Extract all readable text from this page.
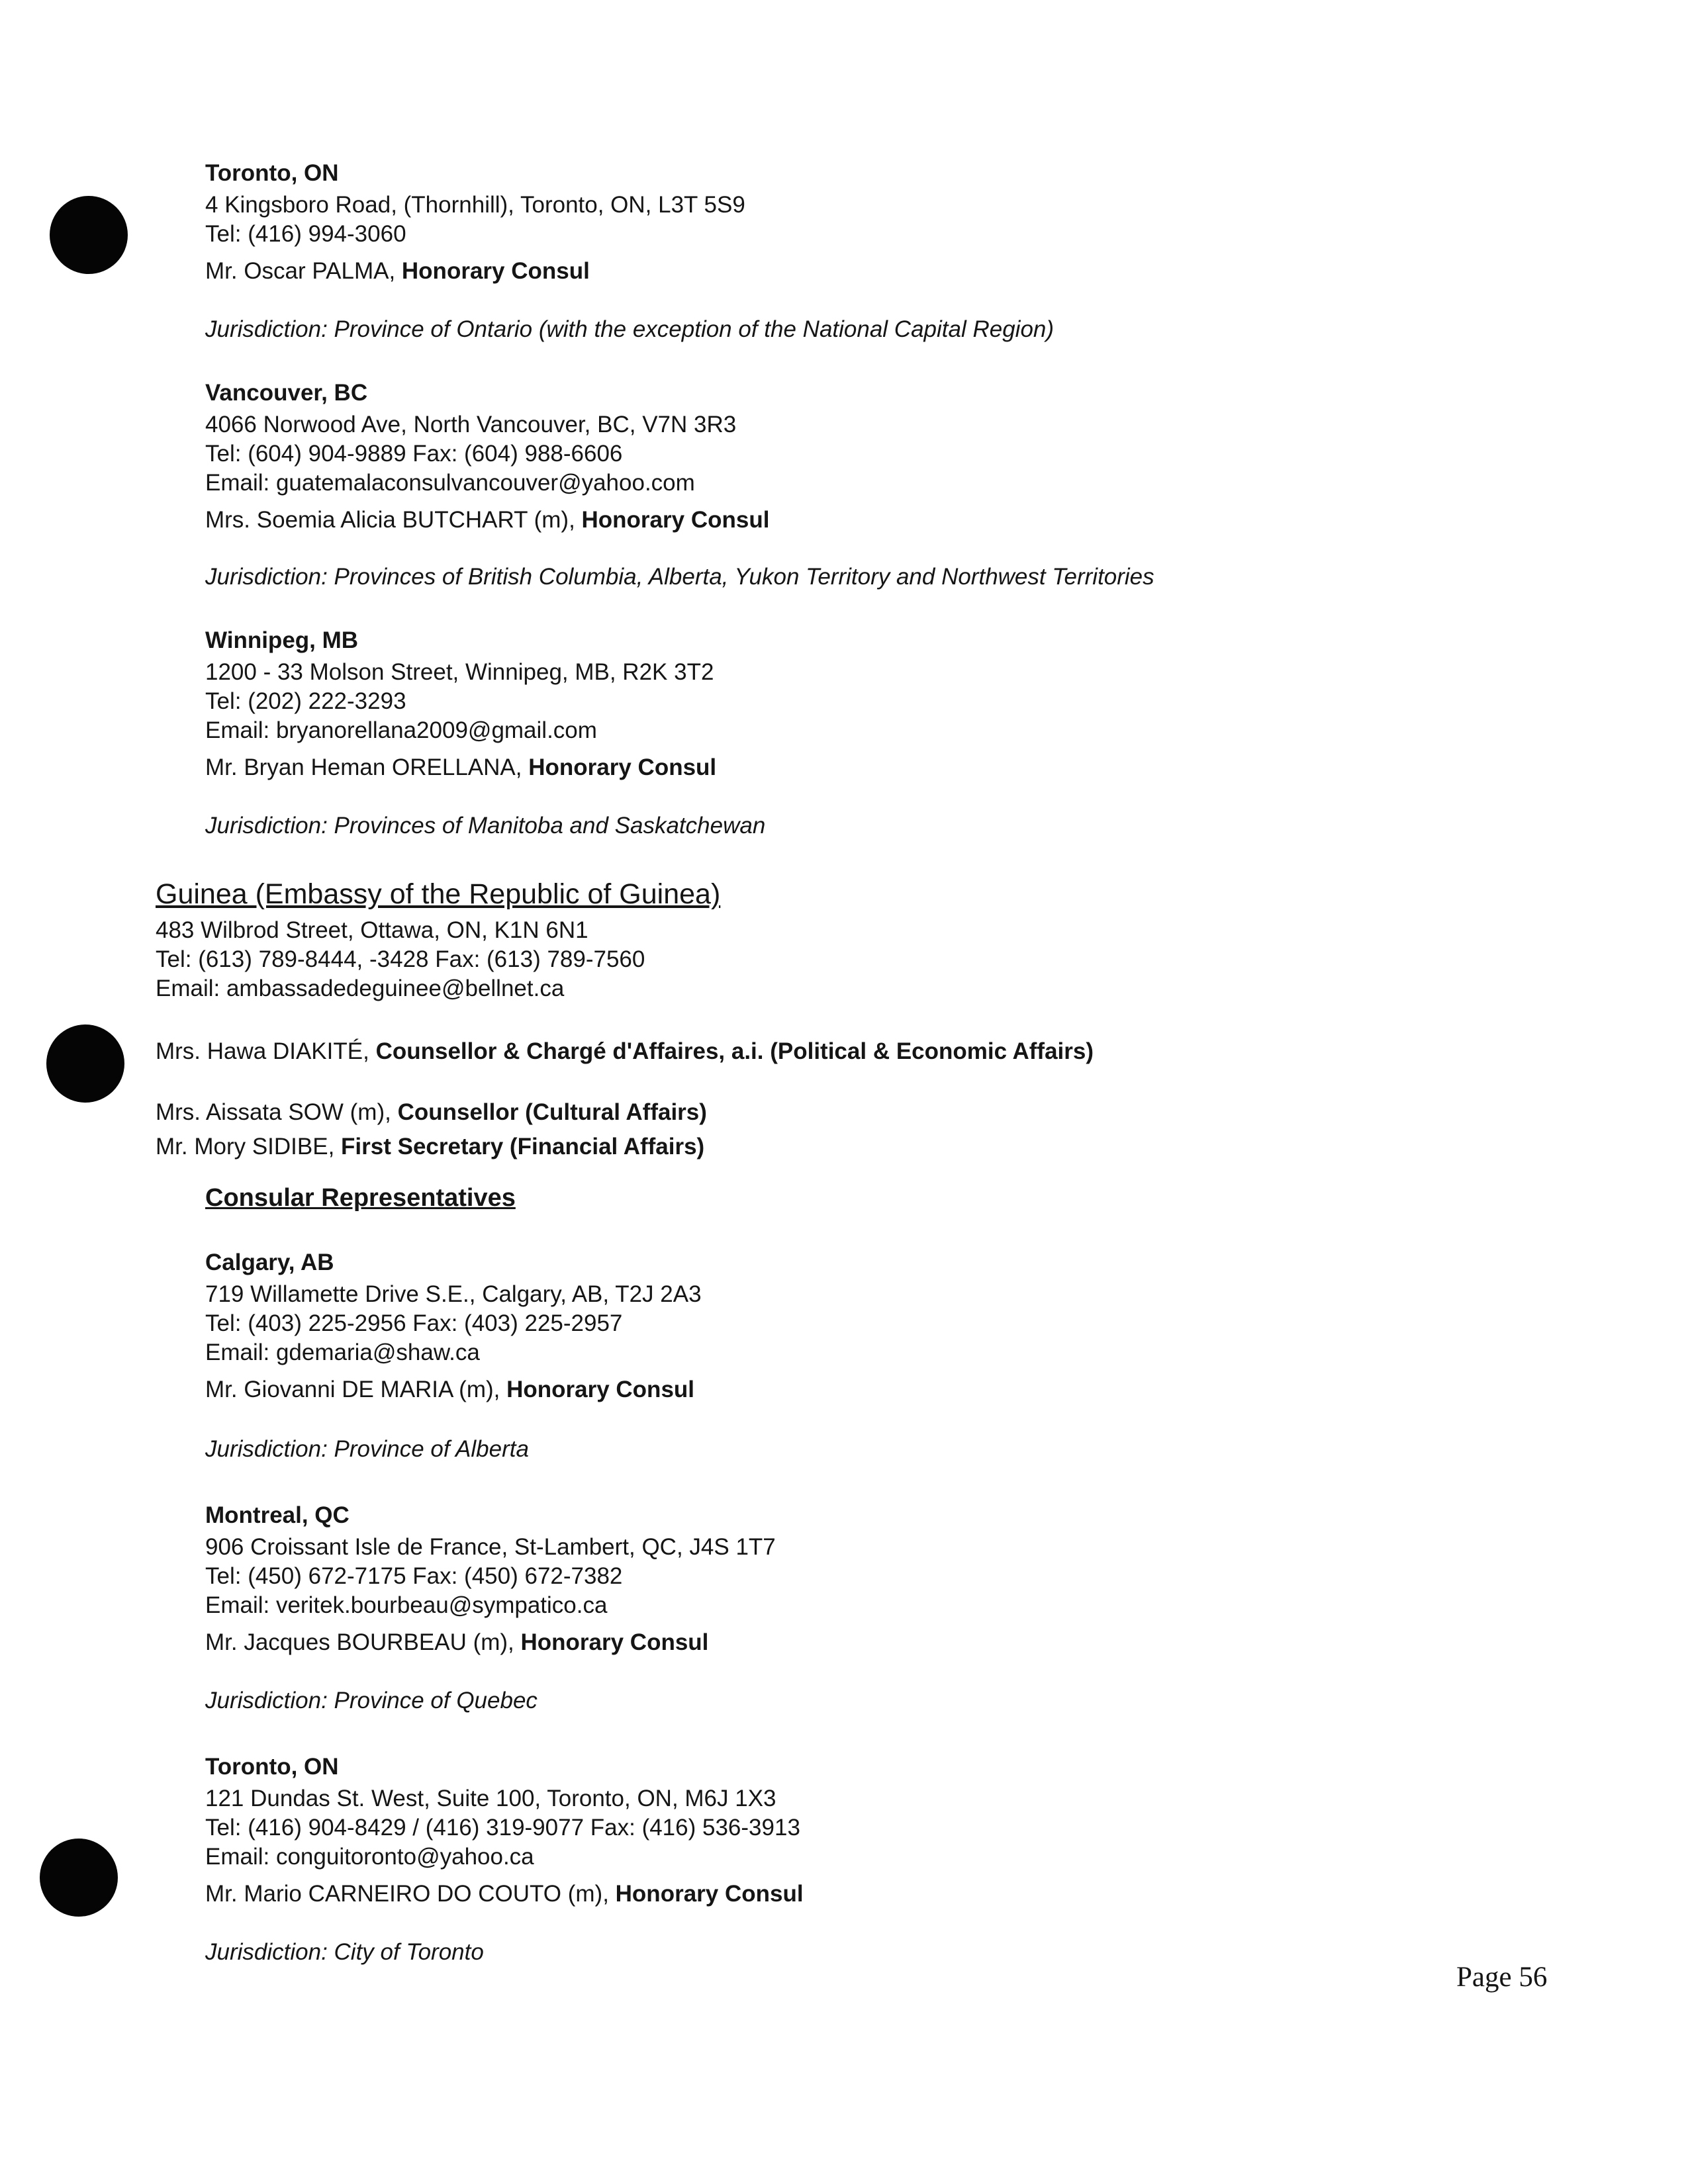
Toronto, ON
4 Kingsboro Road, (Thornhill), Toronto, ON, L3T 5S9
Tel: (416) 994-3060
Mr. Oscar PALMA, Honorary Consul
Jurisdiction: Province of Ontario (with the exception of the National Capital Region)
Vancouver, BC
4066 Norwood Ave, North Vancouver, BC, V7N 3R3
Tel: (604) 904-9889 Fax: (604) 988-6606
Email: guatemalaconsulvancouver@yahoo.com
Mrs. Soemia Alicia BUTCHART (m), Honorary Consul
Jurisdiction: Provinces of British Columbia, Alberta, Yukon Territory and Northwest Territories
Winnipeg, MB
1200 - 33 Molson Street, Winnipeg, MB, R2K 3T2
Tel: (202) 222-3293
Email: bryanorellana2009@gmail.com
Mr. Bryan Heman ORELLANA, Honorary Consul
Jurisdiction: Provinces of Manitoba and Saskatchewan
Guinea (Embassy of the Republic of Guinea)
483 Wilbrod Street, Ottawa, ON, K1N 6N1
Tel: (613) 789-8444, -3428 Fax: (613) 789-7560
Email: ambassadedeguinee@bellnet.ca
Mrs. Hawa DIAKITÉ, Counsellor & Chargé d'Affaires, a.i. (Political & Economic Affairs)
Mrs. Aissata SOW (m), Counsellor (Cultural Affairs)
Mr. Mory SIDIBE, First Secretary (Financial Affairs)
Consular Representatives
Calgary, AB
719 Willamette Drive S.E., Calgary, AB, T2J 2A3
Tel: (403) 225-2956 Fax: (403) 225-2957
Email: gdemaria@shaw.ca
Mr. Giovanni DE MARIA (m), Honorary Consul
Jurisdiction: Province of Alberta
Montreal, QC
906 Croissant Isle de France, St-Lambert, QC, J4S 1T7
Tel: (450) 672-7175 Fax: (450) 672-7382
Email: veritek.bourbeau@sympatico.ca
Mr. Jacques BOURBEAU (m), Honorary Consul
Jurisdiction: Province of Quebec
Toronto, ON
121 Dundas St. West, Suite 100, Toronto, ON, M6J 1X3
Tel: (416) 904-8429 / (416) 319-9077 Fax: (416) 536-3913
Email: conguitoronto@yahoo.ca
Mr. Mario CARNEIRO DO COUTO (m), Honorary Consul
Jurisdiction: City of Toronto
Page 56
